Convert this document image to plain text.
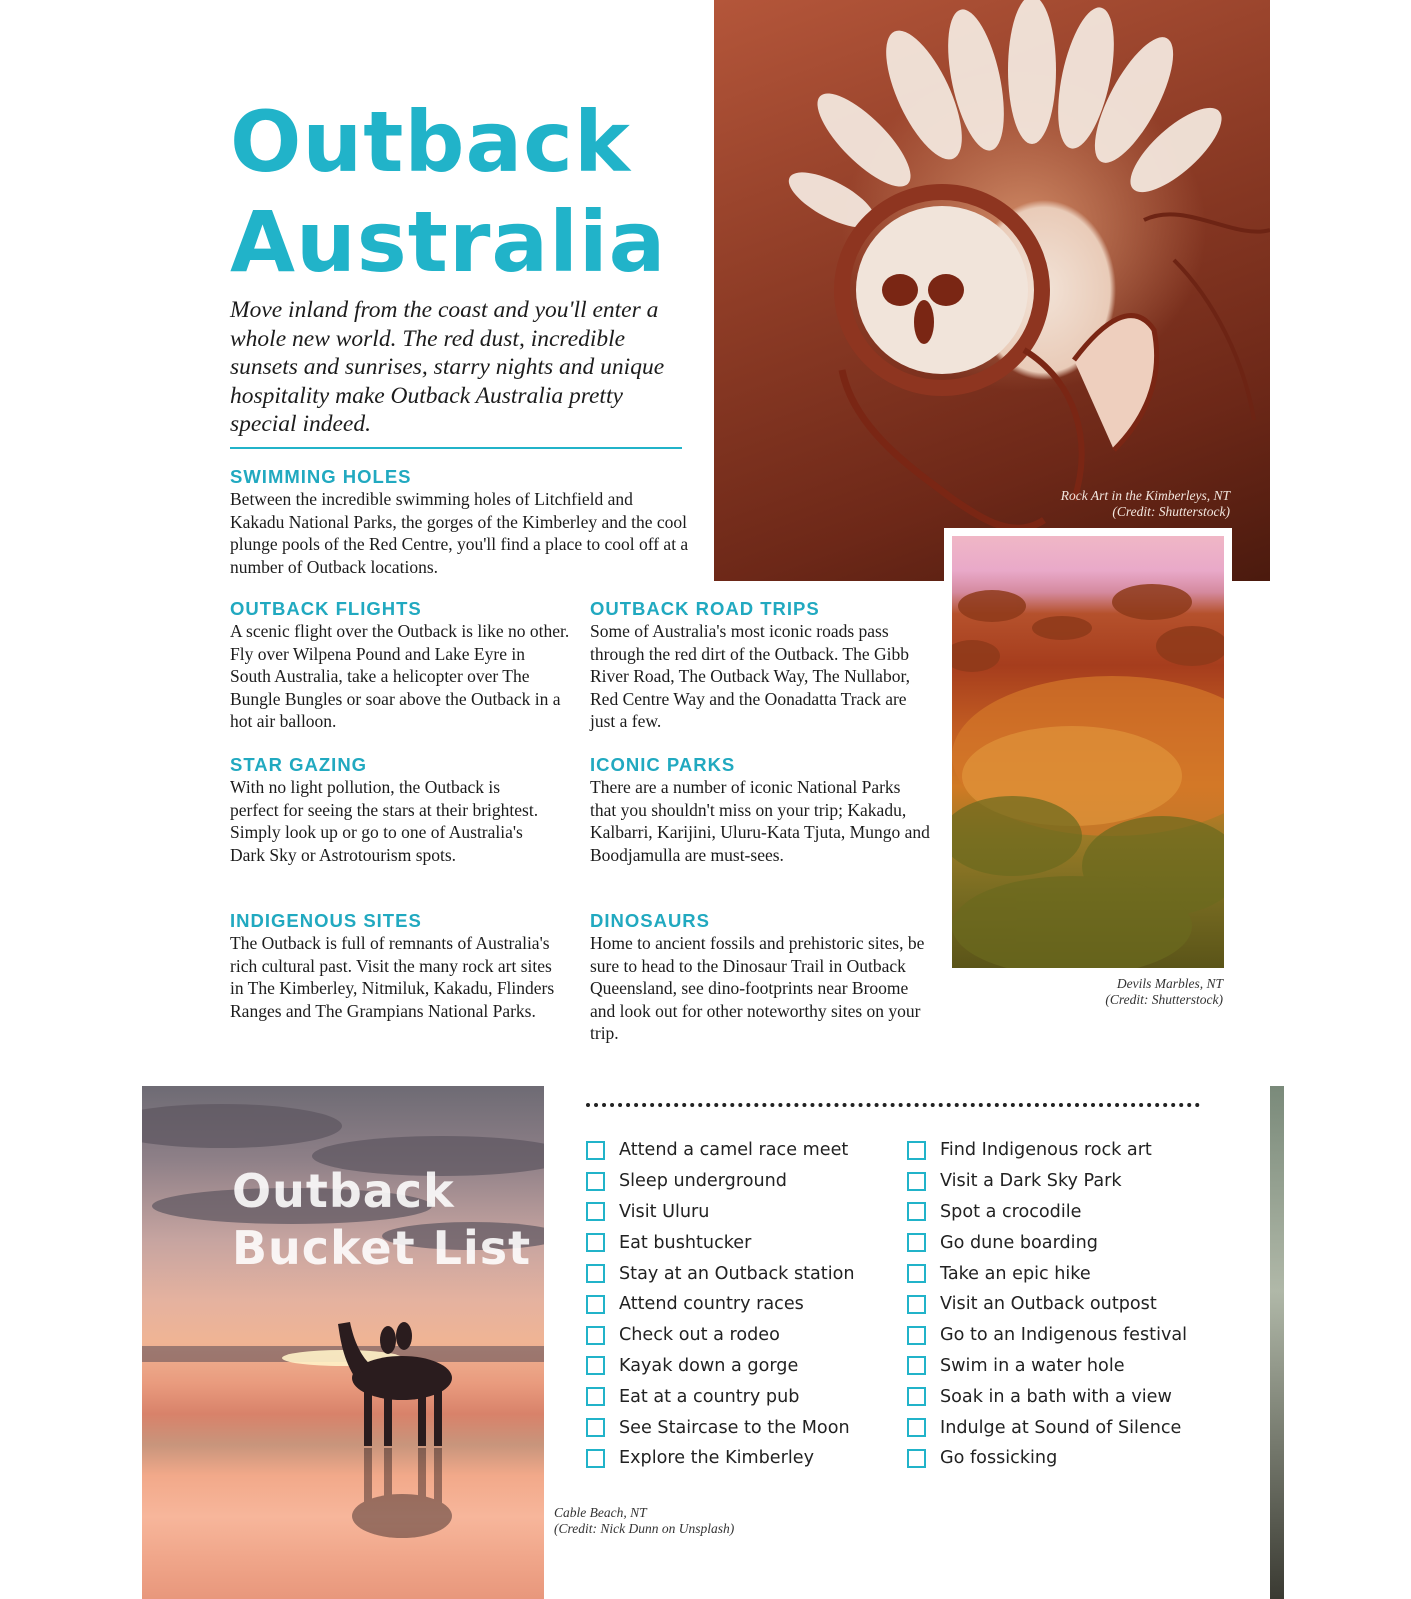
Outback
Australia

Move inland from the coast and you'll enter a whole new world. The red dust, incredible sunsets and sunrises, starry nights and unique hospitality make Outback Australia pretty special indeed.

SWIMMING HOLES

Between the incredible swimming holes of Litchfield and Kakadu National Parks, the gorges of the Kimberley and the cool plunge pools of the Red Centre, you'll find a place to cool off at a number of Outback locations.

OUTBACK FLIGHTS

A scenic flight over the Outback is like no other. Fly over Wilpena Pound and Lake Eyre in South Australia, take a helicopter over The Bungle Bungles or soar above the Outback in a hot air balloon.

STAR GAZING

With no light pollution, the Outback is perfect for seeing the stars at their brightest. Simply look up or go to one of Australia's Dark Sky or Astrotourism spots.

INDIGENOUS SITES

The Outback is full of remnants of Australia's rich cultural past. Visit the many rock art sites in The Kimberley, Nitmiluk, Kakadu, Flinders Ranges and The Grampians National Parks.

OUTBACK ROAD TRIPS

Some of Australia's most iconic roads pass through the red dirt of the Outback. The Gibb River Road, The Outback Way, The Nullabor, Red Centre Way and the Oonadatta Track are just a few.

ICONIC PARKS

There are a number of iconic National Parks that you shouldn't miss on your trip; Kakadu, Kalbarri, Karijini, Uluru-Kata Tjuta, Mungo and Boodjamulla are must-sees.

DINOSAURS

Home to ancient fossils and prehistoric sites, be sure to head to the Dinosaur Trail in Outback Queensland, see dino-footprints near Broome and look out for other noteworthy sites on your trip.

Rock Art in the Kimberleys, NT
(Credit: Shutterstock)
Devils Marbles, NT
(Credit: Shutterstock)
Outback
Bucket List
Cable Beach, NT
(Credit: Nick Dunn on Unsplash)
Attend a camel race meet
Sleep underground
Visit Uluru
Eat bushtucker
Stay at an Outback station
Attend country races
Check out a rodeo
Kayak down a gorge
Eat at a country pub
See Staircase to the Moon
Explore the Kimberley
Find Indigenous rock art
Visit a Dark Sky Park
Spot a crocodile
Go dune boarding
Take an epic hike
Visit an Outback outpost
Go to an Indigenous festival
Swim in a water hole
Soak in a bath with a view
Indulge at Sound of Silence
Go fossicking
